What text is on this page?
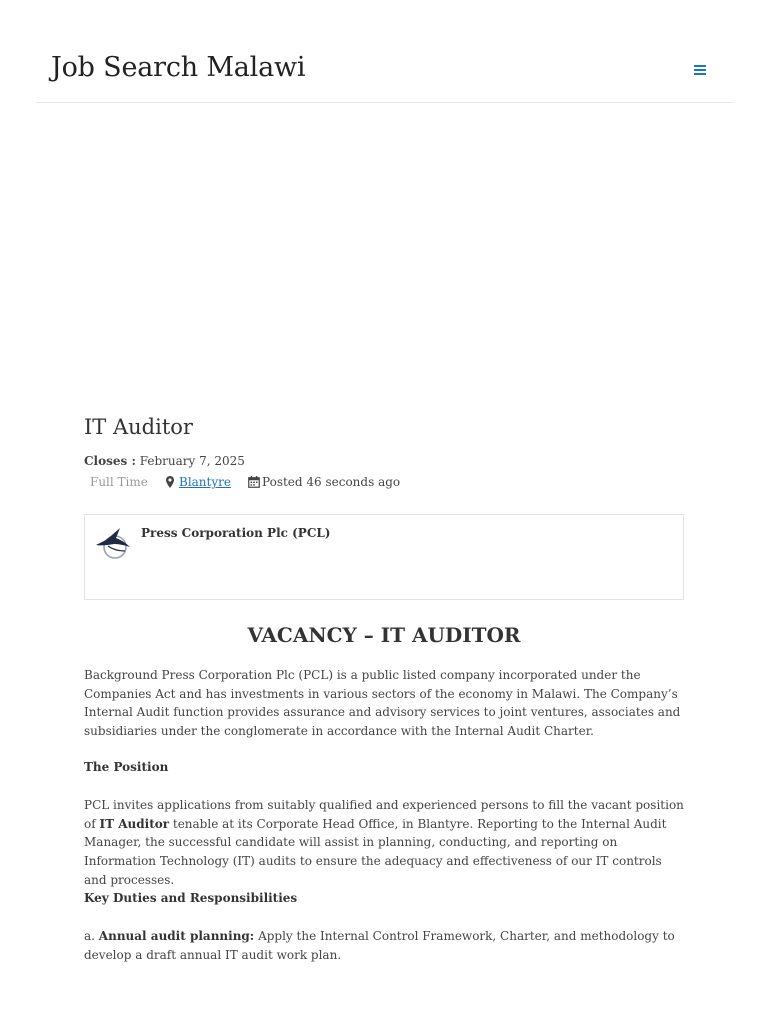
Job Search Malawi
IT Auditor
Closes : February 7, 2025
Full Time	Blantyre	Posted 46 seconds ago
Press Corporation Plc (PCL)
VACANCY – IT AUDITOR

Background Press Corporation Plc (PCL) is a public listed company incorporated under the Companies Act and has investments in various sectors of the economy in Malawi. The Company’s Internal Audit function provides assurance and advisory services to joint ventures, associates and subsidiaries under the conglomerate in accordance with the Internal Audit Charter.

The Position

PCL invites applications from suitably qualified and experienced persons to fill the vacant position of IT Auditor tenable at its Corporate Head Office, in Blantyre. Reporting to the Internal Audit Manager, the successful candidate will assist in planning, conducting, and reporting on Information Technology (IT) audits to ensure the adequacy and effectiveness of our IT controls and processes.

Key Duties and Responsibilities

a. Annual audit planning: Apply the Internal Control Framework, Charter, and methodology to develop a draft annual IT audit work plan.
